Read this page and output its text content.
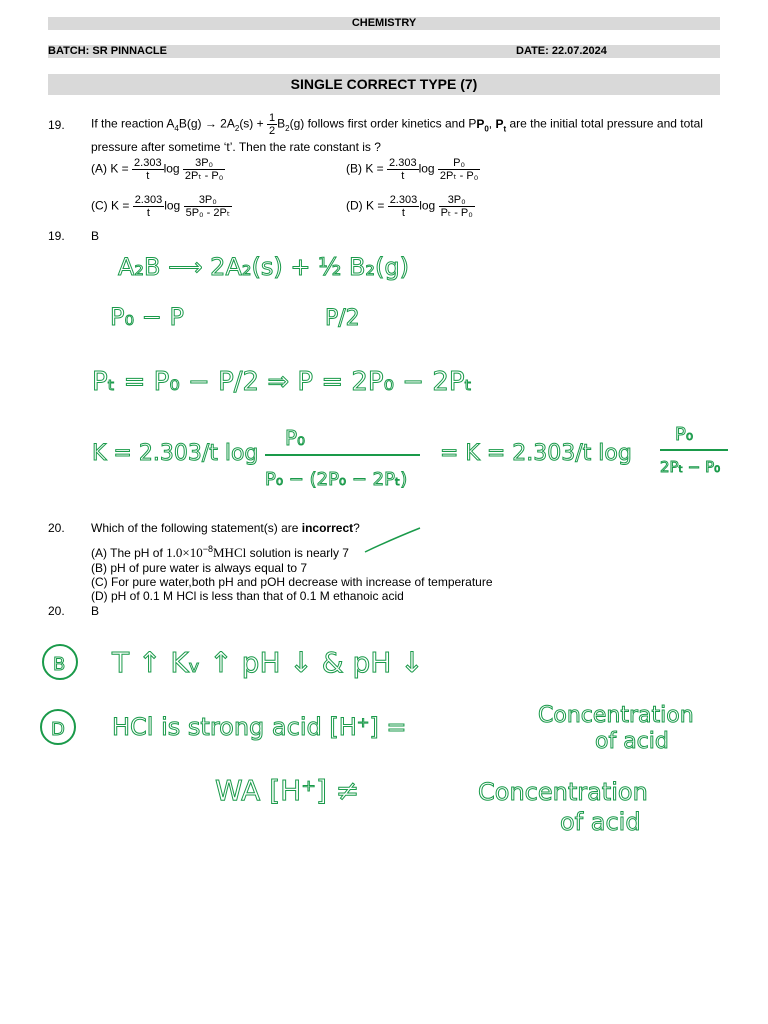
CHEMISTRY
BATCH: SR PINNACLE	DATE: 22.07.2024
SINGLE CORRECT TYPE (7)
19. If the reaction $A_4B(g) \to 2A_2(s) + \frac{1}{2} B_2(g)$ follows first order kinetics and $PP_0$, $P_t$ are the initial total pressure and total
pressure after sometime ‘t’. Then the rate constant is ?
(A) $K = \frac{2.303}{t}$ $\log \frac{\text{3P₀}}{\text{2Pₜ - P₀}}$	(B) $K = \frac{2.303}{t}$ $\log \frac{\text{P₀}}{\text{2Pₜ - P₀}}$
(C) $K = \frac{2.303}{t}$ $\log \frac{\text{3P₀}}{\text{5P₀ - 2Pₜ}}$	(D) $K = \frac{2.303}{t}$ $\log \frac{\text{3P₀}}{\text{Pₜ - P₀}}$
19. B
A₂B ⟶ 2A₂(s) + ½ B₂(g)
P₀ − P	P/2
Pₜ = P₀ − P/2 ⇒ P = 2P₀ − 2Pₜ
K = 2.303/t log
P₀
P₀ − (2P₀ − 2Pₜ)
= K = 2.303/t log
P₀
2Pₜ − P₀
20. Which of the following statement(s) are incorrect?
(A) The pH of $1.0\times 10^{-8}MHCl$ solution is nearly 7
(B) pH of pure water is always equal to 7
(C) For pure water,both pH and pOH decrease with increase of temperature
(D) pH of 0.1 M HCl is less than that of 0.1 M ethanoic acid
20. B
B T ↑ Kᵥ ↑ pH ↓ & pH ↓
D HCl is strong acid [H⁺] =	Concentration
of acid
WA [H⁺] ≠	Concentration
of acid
